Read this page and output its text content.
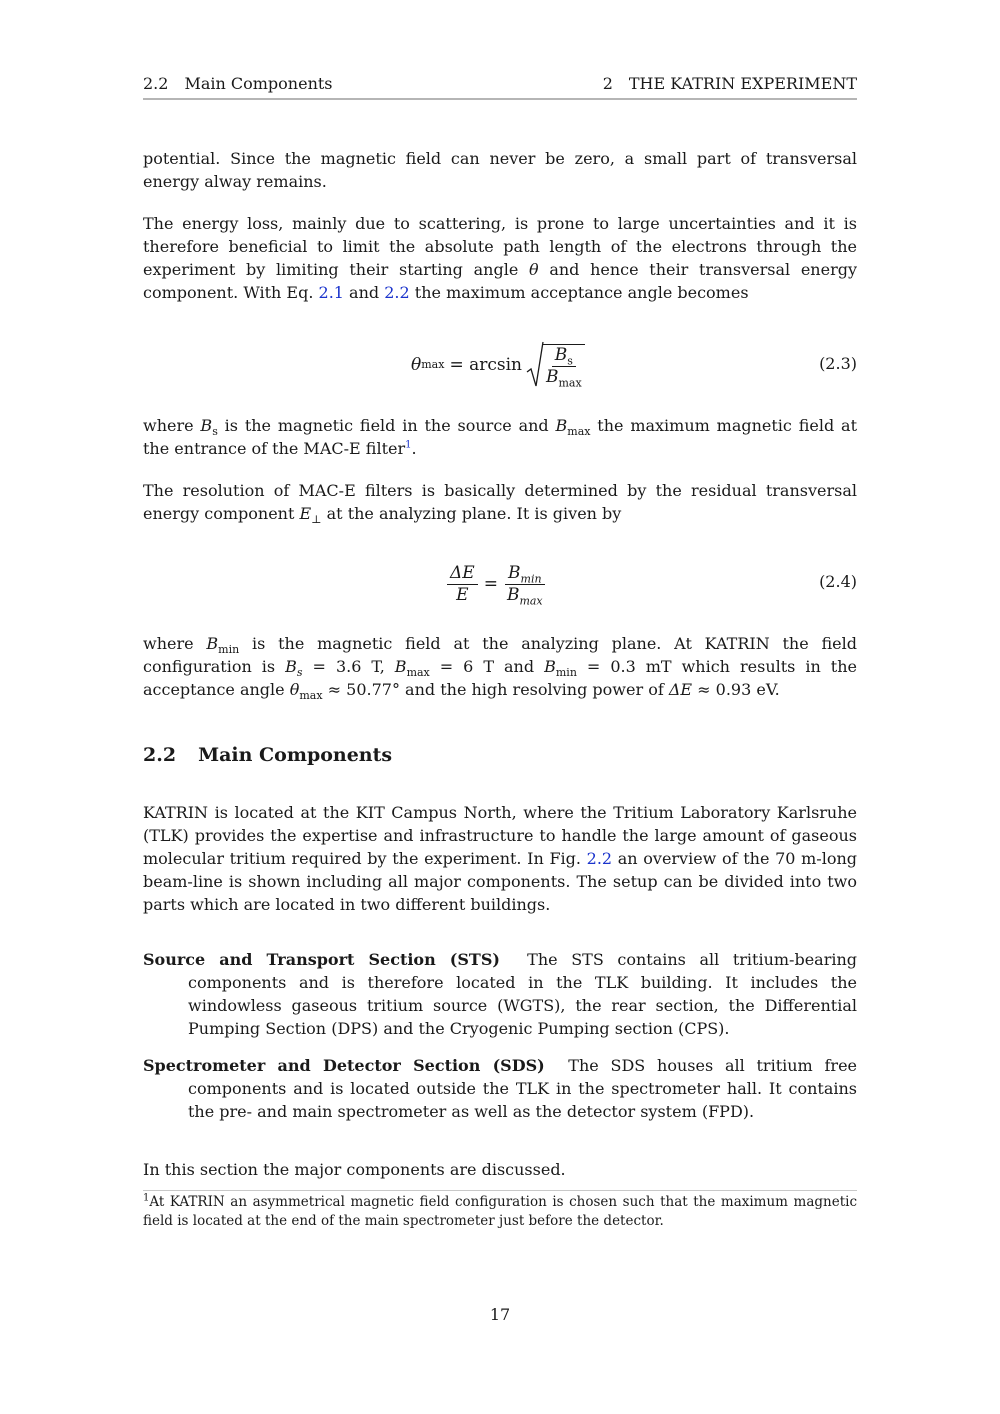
2.2  Main Components	2  THE KATRIN EXPERIMENT
potential. Since the magnetic field can never be zero, a small part of transversal energy alway remains.
The energy loss, mainly due to scattering, is prone to large uncertainties and it is therefore beneficial to limit the absolute path length of the electrons through the experiment by limiting their starting angle θ and hence their transversal energy component. With Eq. 2.1 and 2.2 the maximum acceptance angle becomes
θ $\max = \arcsin \frac{B_s}{B_{max}}$	(2.3)
where $B_s$ is the magnetic field in the source and $B_{max}$ the maximum magnetic field at the entrance of the MAC-E filter$^1$.
The resolution of MAC-E filters is basically determined by the residual transversal energy component $E_\perp$ at the analyzing plane. It is given by
$\frac{\Delta E}{E} = \frac{B_{min}}{B_{max}}$	(2.4)
where $B_{min}$ is the magnetic field at the analyzing plane. At KATRIN the field configuration is $B_s = 3.6$ T, $B_{max} = 6$ T and $B_{min} = 0.3$ mT which results in the acceptance angle $\theta_{max} \approx 50.77^\circ$ and the high resolving power of ΔE ≈ 0.93 eV.
2.2 Main Components
KATRIN is located at the KIT Campus North, where the Tritium Laboratory Karlsruhe (TLK) provides the expertise and infrastructure to handle the large amount of gaseous molecular tritium required by the experiment. In Fig. 2.2 an overview of the 70 m-long beam-line is shown including all major components. The setup can be divided into two parts which are located in two different buildings.
Source and Transport Section (STS) The STS contains all tritium-bearing components and is therefore located in the TLK building. It includes the windowless gaseous tritium source (WGTS), the rear section, the Differential Pumping Section (DPS) and the Cryogenic Pumping section (CPS).
Spectrometer and Detector Section (SDS) The SDS houses all tritium free components and is located outside the TLK in the spectrometer hall. It contains the pre- and main spectrometer as well as the detector system (FPD).
In this section the major components are discussed.
$^1$At KATRIN an asymmetrical magnetic field configuration is chosen such that the maximum magnetic field is located at the end of the main spectrometer just before the detector.
17
